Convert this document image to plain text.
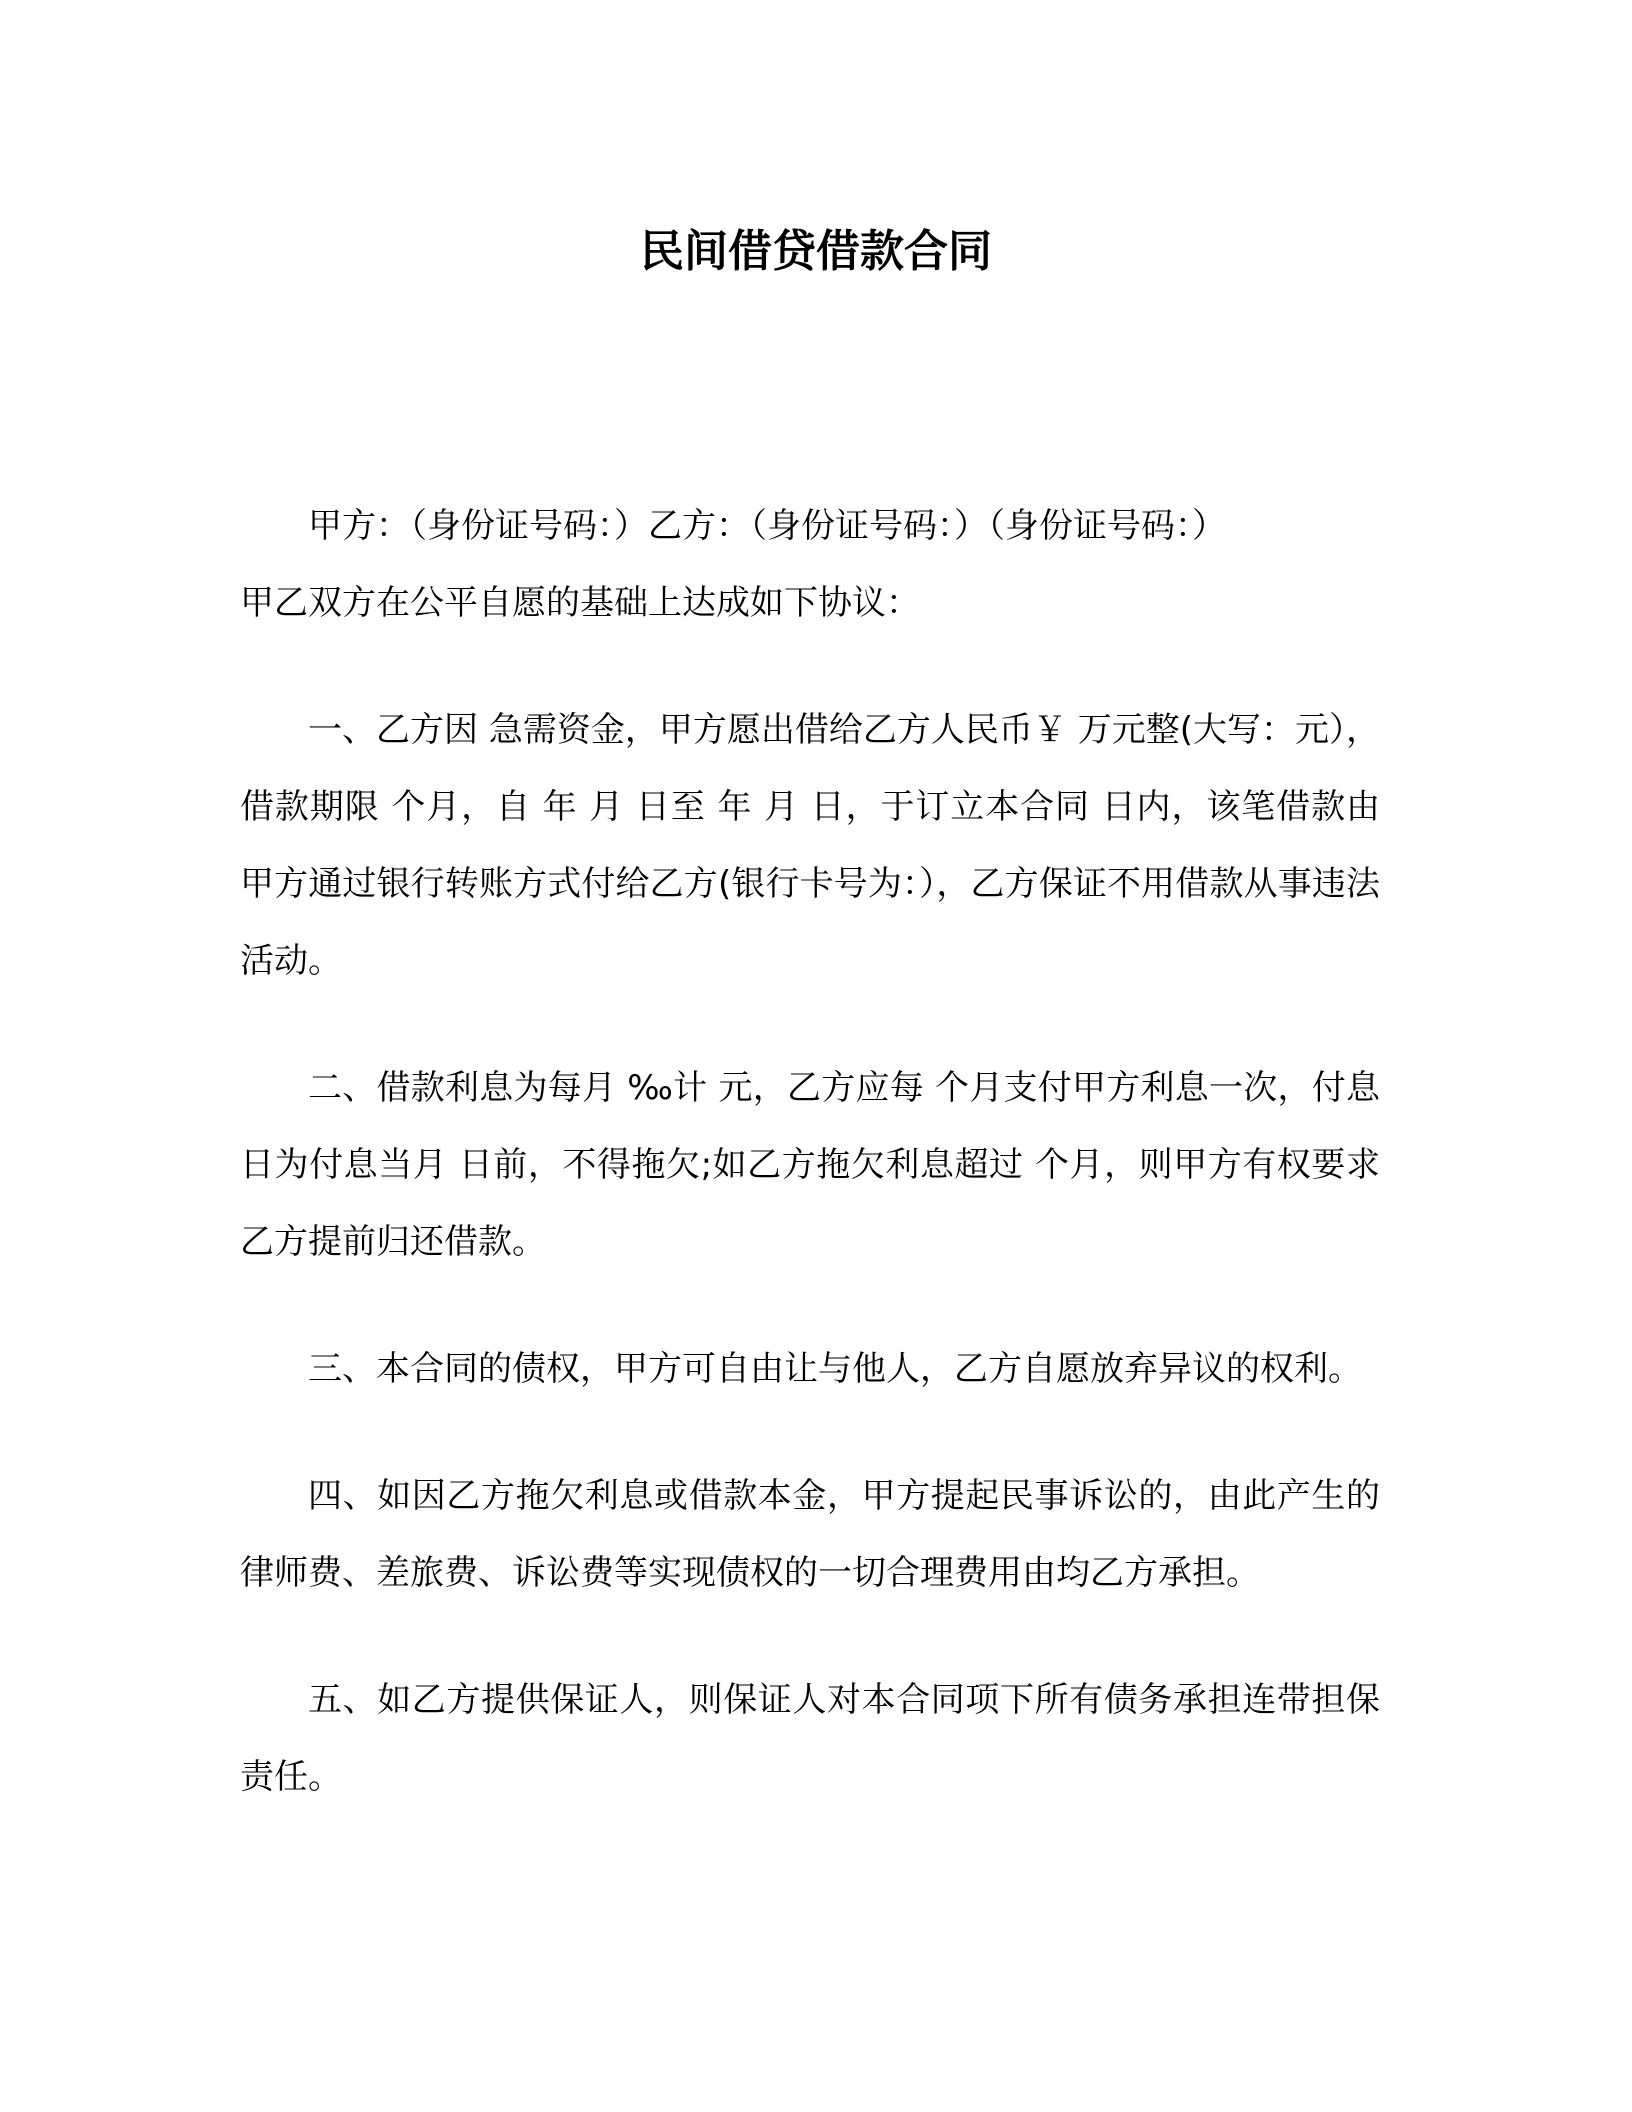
民间借贷借款合同

甲方：（身份证号码：）乙方：（身份证号码：）（身份证号码：）

甲乙双方在公平自愿的基础上达成如下协议：

一、乙方因 急需资金，甲方愿出借给乙方人民币￥ 万元整(大写：元），借款期限 个月，自 年 月 日至 年 月 日，于订立本合同 日内，该笔借款由甲方通过银行转账方式付给乙方(银行卡号为：），乙方保证不用借款从事违法活动。

二、借款利息为每月 ‰计 元，乙方应每 个月支付甲方利息一次，付息日为付息当月 日前，不得拖欠;如乙方拖欠利息超过 个月，则甲方有权要求乙方提前归还借款。

三、本合同的债权，甲方可自由让与他人，乙方自愿放弃异议的权利。

四、如因乙方拖欠利息或借款本金，甲方提起民事诉讼的，由此产生的律师费、差旅费、诉讼费等实现债权的一切合理费用由均乙方承担。

五、如乙方提供保证人，则保证人对本合同项下所有债务承担连带担保责任。
